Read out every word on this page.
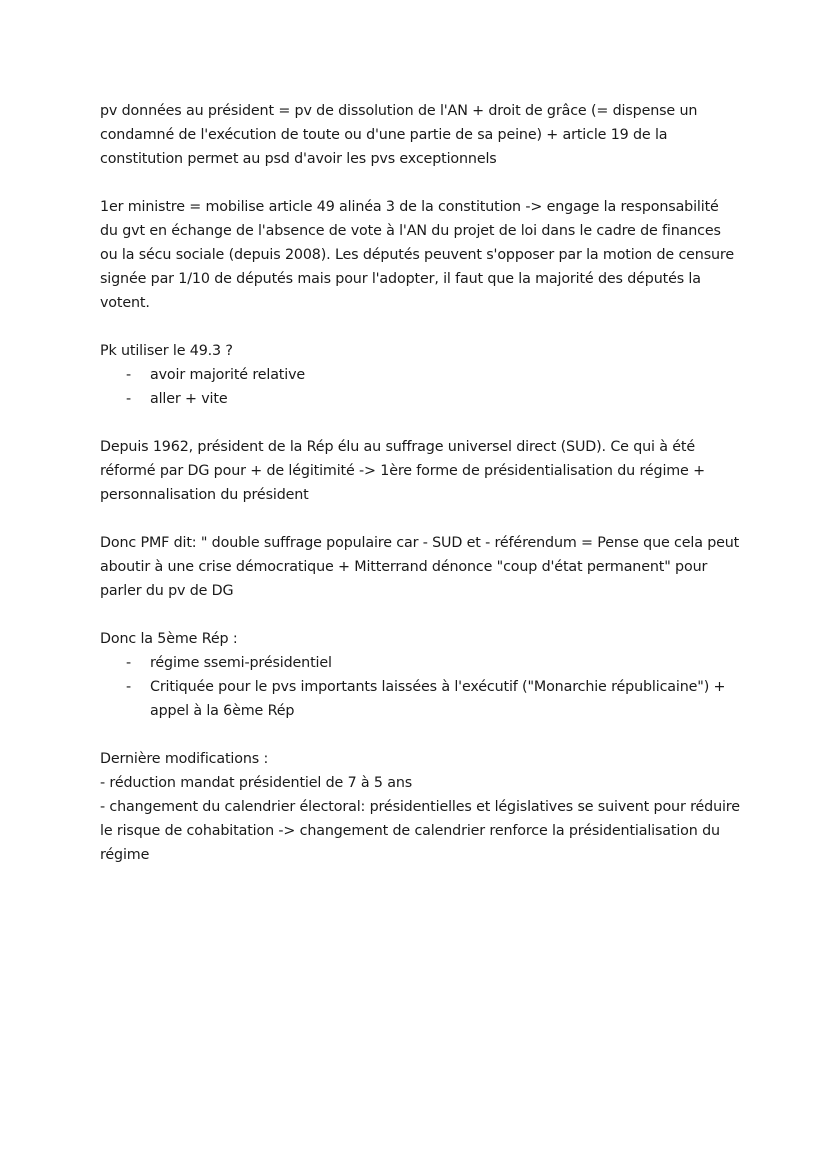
pv données au président = pv de dissolution de l'AN + droit de grâce (= dispense un condamné de l'exécution de toute ou d'une partie de sa peine) + article 19 de la constitution permet au psd d'avoir les pvs exceptionnels

1er ministre = mobilise article 49 alinéa 3 de la constitution -> engage la responsabilité du gvt en échange de l'absence de vote à l'AN du projet de loi dans le cadre de finances ou la sécu sociale (depuis 2008). Les députés peuvent s'opposer par la motion de censure signée par 1/10 de députés mais pour l'adopter, il faut que la majorité des députés la votent.

Pk utiliser le 49.3 ?

- avoir majorité relative
- aller + vite

Depuis 1962, président de la Rép élu au suffrage universel direct (SUD). Ce qui à été réformé par DG pour + de légitimité -> 1ère forme de présidentialisation du régime + personnalisation du président

Donc PMF dit: " double suffrage populaire car - SUD et - référendum = Pense que cela peut aboutir à une crise démocratique + Mitterrand dénonce "coup d'état permanent" pour parler du pv de DG

Donc la 5ème Rép :

- régime ssemi-présidentiel
- Critiquée pour le pvs importants laissées à l'exécutif ("Monarchie républicaine") + appel à la 6ème Rép

Dernière modifications :

- réduction mandat présidentiel de 7 à 5 ans

- changement du calendrier électoral: présidentielles et législatives se suivent pour réduire le risque de cohabitation -> changement de calendrier renforce la présidentialisation du régime
